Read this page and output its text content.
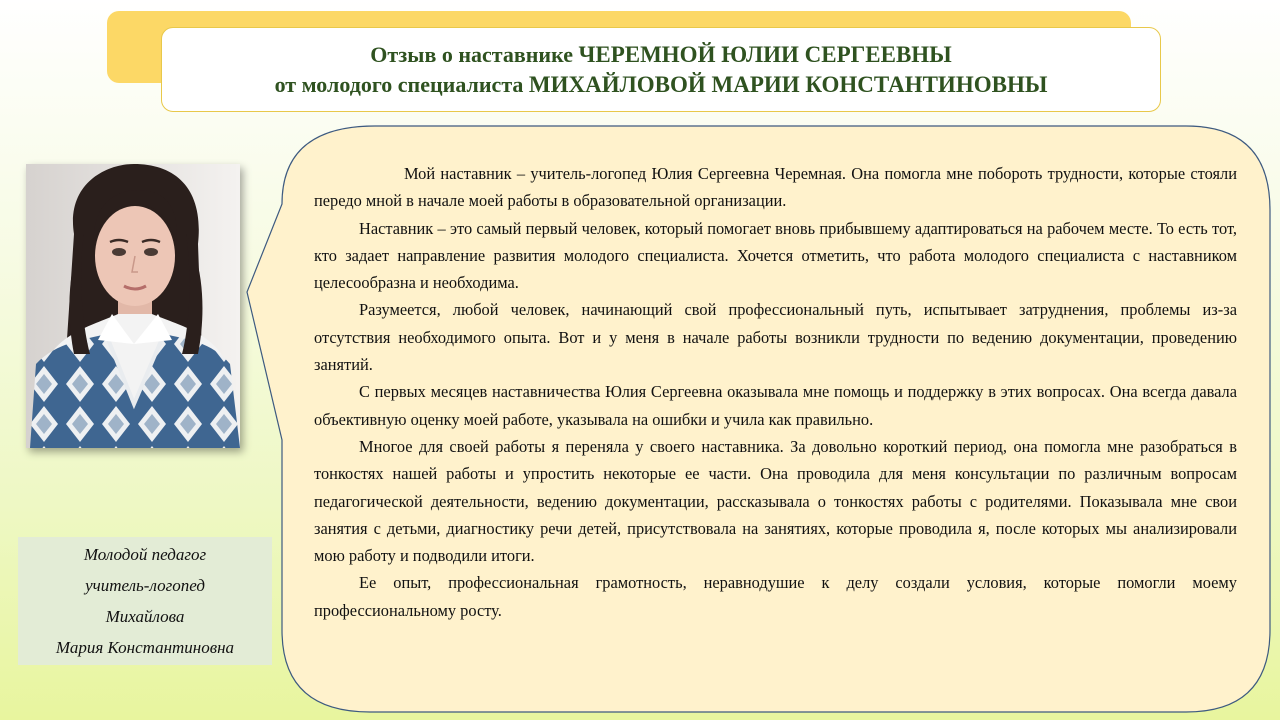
Отзыв о наставнике ЧЕРЕМНОЙ ЮЛИИ СЕРГЕЕВНЫ
от молодого специалиста МИХАЙЛОВОЙ МАРИИ КОНСТАНТИНОВНЫ
Молодой педагог
учитель-логопед
Михайлова
Мария Константиновна

Мой наставник – учитель-логопед Юлия Сергеевна Черемная. Она помогла мне побороть трудности, которые стояли передо мной в начале моей работы в образовательной организации.

Наставник – это самый первый человек, который помогает вновь прибывшему адаптироваться на рабочем месте. То есть тот, кто задает направление развития молодого специалиста. Хочется отметить, что работа молодого специалиста с наставником целесообразна и необходима.

Разумеется, любой человек, начинающий свой профессиональный путь, испытывает затруднения, проблемы из-за отсутствия необходимого опыта. Вот и у меня в начале работы возникли трудности по ведению документации, проведению занятий.

С первых месяцев наставничества Юлия Сергеевна оказывала мне помощь и поддержку в этих вопросах. Она всегда давала объективную оценку моей работе, указывала на ошибки и учила как правильно.

Многое для своей работы я переняла у своего наставника. За довольно короткий период, она помогла мне разобраться в тонкостях нашей работы и упростить некоторые ее части. Она проводила для меня консультации по различным вопросам педагогической деятельности, ведению документации, рассказывала о тонкостях работы с родителями. Показывала мне свои занятия с детьми, диагностику речи детей, присутствовала на занятиях, которые проводила я, после которых мы анализировали мою работу и подводили итоги.

Ее опыт, профессиональная грамотность, неравнодушие к делу создали условия, которые помогли моему профессиональному росту.
